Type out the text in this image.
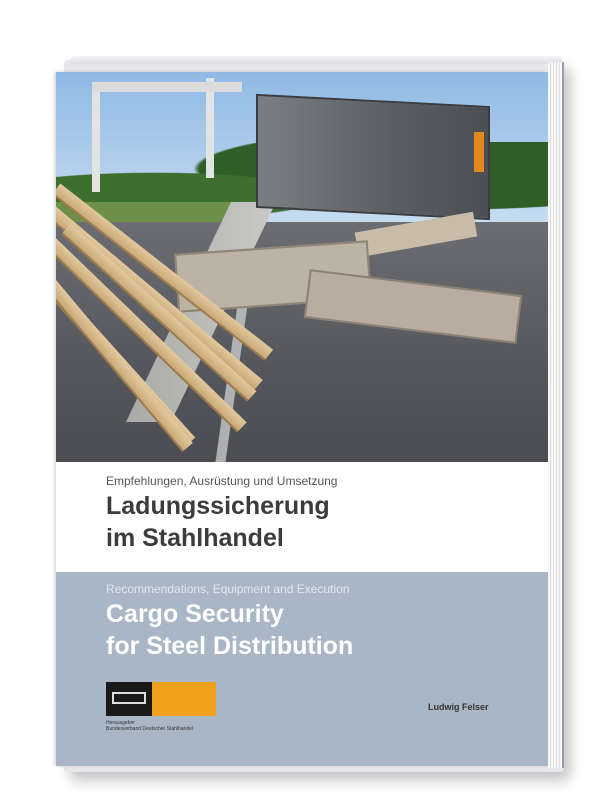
Empfehlungen, Ausrüstung und Umsetzung
Ladungssicherung
im Stahlhandel
Recommendations, Equipment and Execution
Cargo Security
for Steel Distribution
Herausgeber
Bundesverband Deutscher Stahlhandel
Ludwig Felser
